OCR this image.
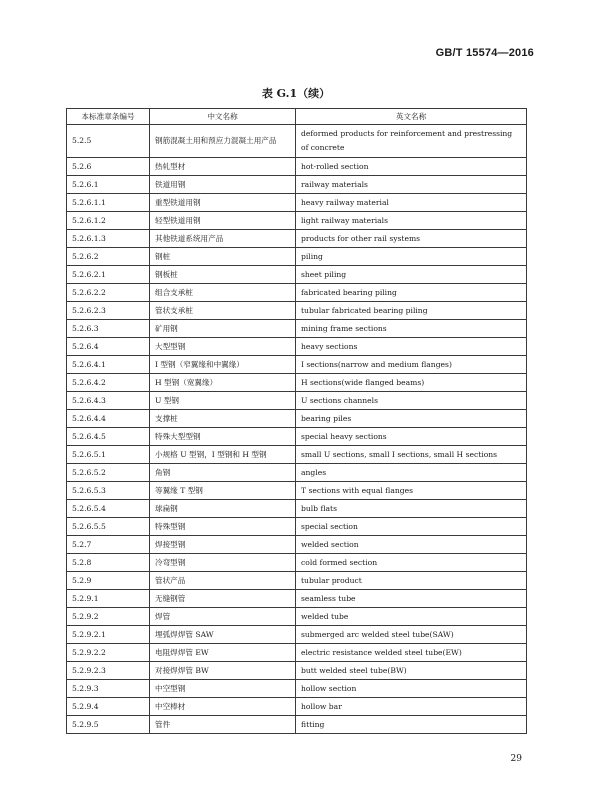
GB/T 15574—2016
表 G.1（续）
本标准章条编号	中文名称	英文名称
5.2.5	钢筋混凝土用和预应力混凝土用产品	deformed products for reinforcement and prestressing of concrete
5.2.6	热轧型材	hot-rolled section
5.2.6.1	铁道用钢	railway materials
5.2.6.1.1	重型铁道用钢	heavy railway material
5.2.6.1.2	轻型铁道用钢	light railway materials
5.2.6.1.3	其他铁道系统用产品	products for other rail systems
5.2.6.2	钢桩	piling
5.2.6.2.1	钢板桩	sheet piling
5.2.6.2.2	组合支承桩	fabricated bearing piling
5.2.6.2.3	管状支承桩	tubular fabricated bearing piling
5.2.6.3	矿用钢	mining frame sections
5.2.6.4	大型型钢	heavy sections
5.2.6.4.1	I 型钢（窄翼缘和中翼缘）	I sections(narrow and medium flanges)
5.2.6.4.2	H 型钢（宽翼缘）	H sections(wide flanged beams)
5.2.6.4.3	U 型钢	U sections channels
5.2.6.4.4	支撑桩	bearing piles
5.2.6.4.5	特殊大型型钢	special heavy sections
5.2.6.5.1	小规格 U 型钢，I 型钢和 H 型钢	small U sections, small I sections, small H sections
5.2.6.5.2	角钢	angles
5.2.6.5.3	等翼缘 T 型钢	T sections with equal flanges
5.2.6.5.4	球扁钢	bulb flats
5.2.6.5.5	特殊型钢	special section
5.2.7	焊接型钢	welded section
5.2.8	冷弯型钢	cold formed section
5.2.9	管状产品	tubular product
5.2.9.1	无缝钢管	seamless tube
5.2.9.2	焊管	welded tube
5.2.9.2.1	埋弧焊焊管 SAW	submerged arc welded steel tube(SAW)
5.2.9.2.2	电阻焊焊管 EW	electric resistance welded steel tube(EW)
5.2.9.2.3	对接焊焊管 BW	butt welded steel tube(BW)
5.2.9.3	中空型钢	hollow section
5.2.9.4	中空棒材	hollow bar
5.2.9.5	管件	fitting
29
